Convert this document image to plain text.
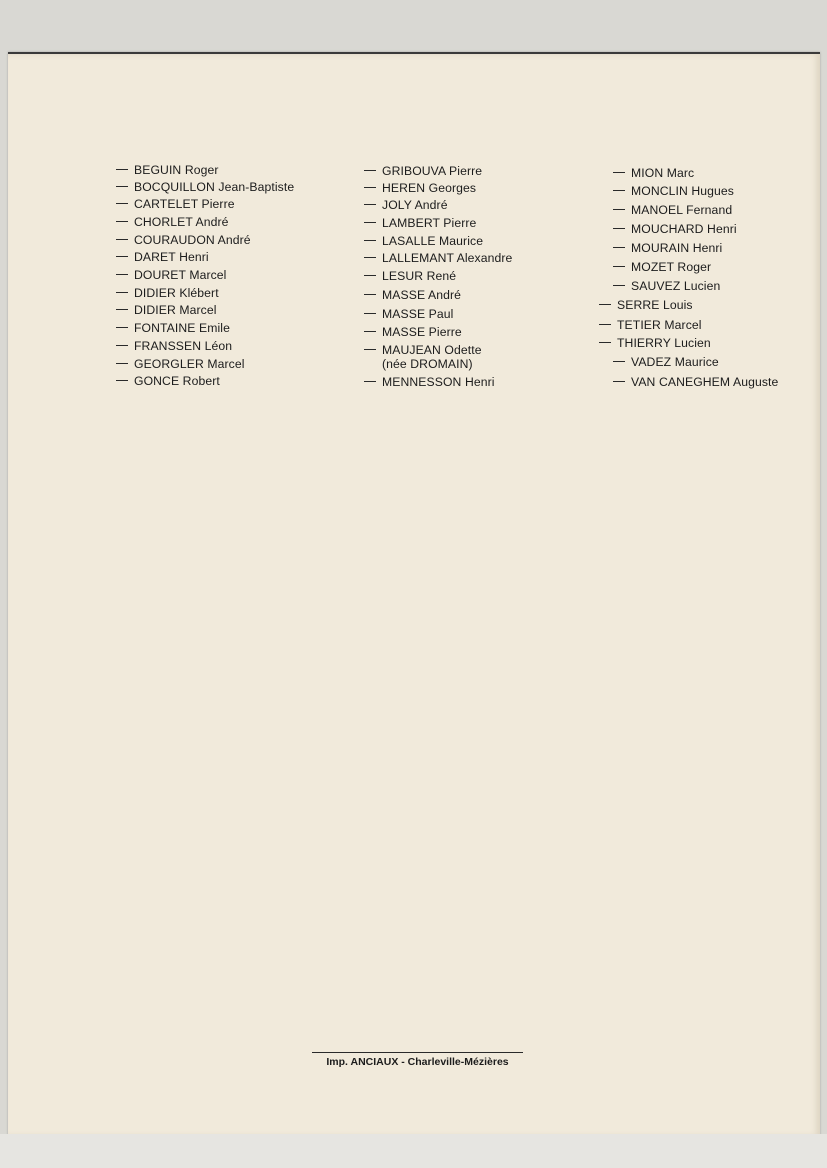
BEGUIN Roger
BOCQUILLON Jean-Baptiste
CARTELET Pierre
CHORLET André
COURAUDON André
DARET Henri
DOURET Marcel
DIDIER Klébert
DIDIER Marcel
FONTAINE Emile
FRANSSEN Léon
GEORGLER Marcel
GONCE Robert
GRIBOUVA Pierre
HEREN Georges
JOLY André
LAMBERT Pierre
LASALLE Maurice
LALLEMANT Alexandre
LESUR René
MASSE André
MASSE Paul
MASSE Pierre
MAUJEAN Odette
(née DROMAIN)
MENNESSON Henri
MION Marc
MONCLIN Hugues
MANOEL Fernand
MOUCHARD Henri
MOURAIN Henri
MOZET Roger
SAUVEZ Lucien
SERRE Louis
TETIER Marcel
THIERRY Lucien
VADEZ Maurice
VAN CANEGHEM Auguste
Imp. ANCIAUX - Charleville-Mézières
